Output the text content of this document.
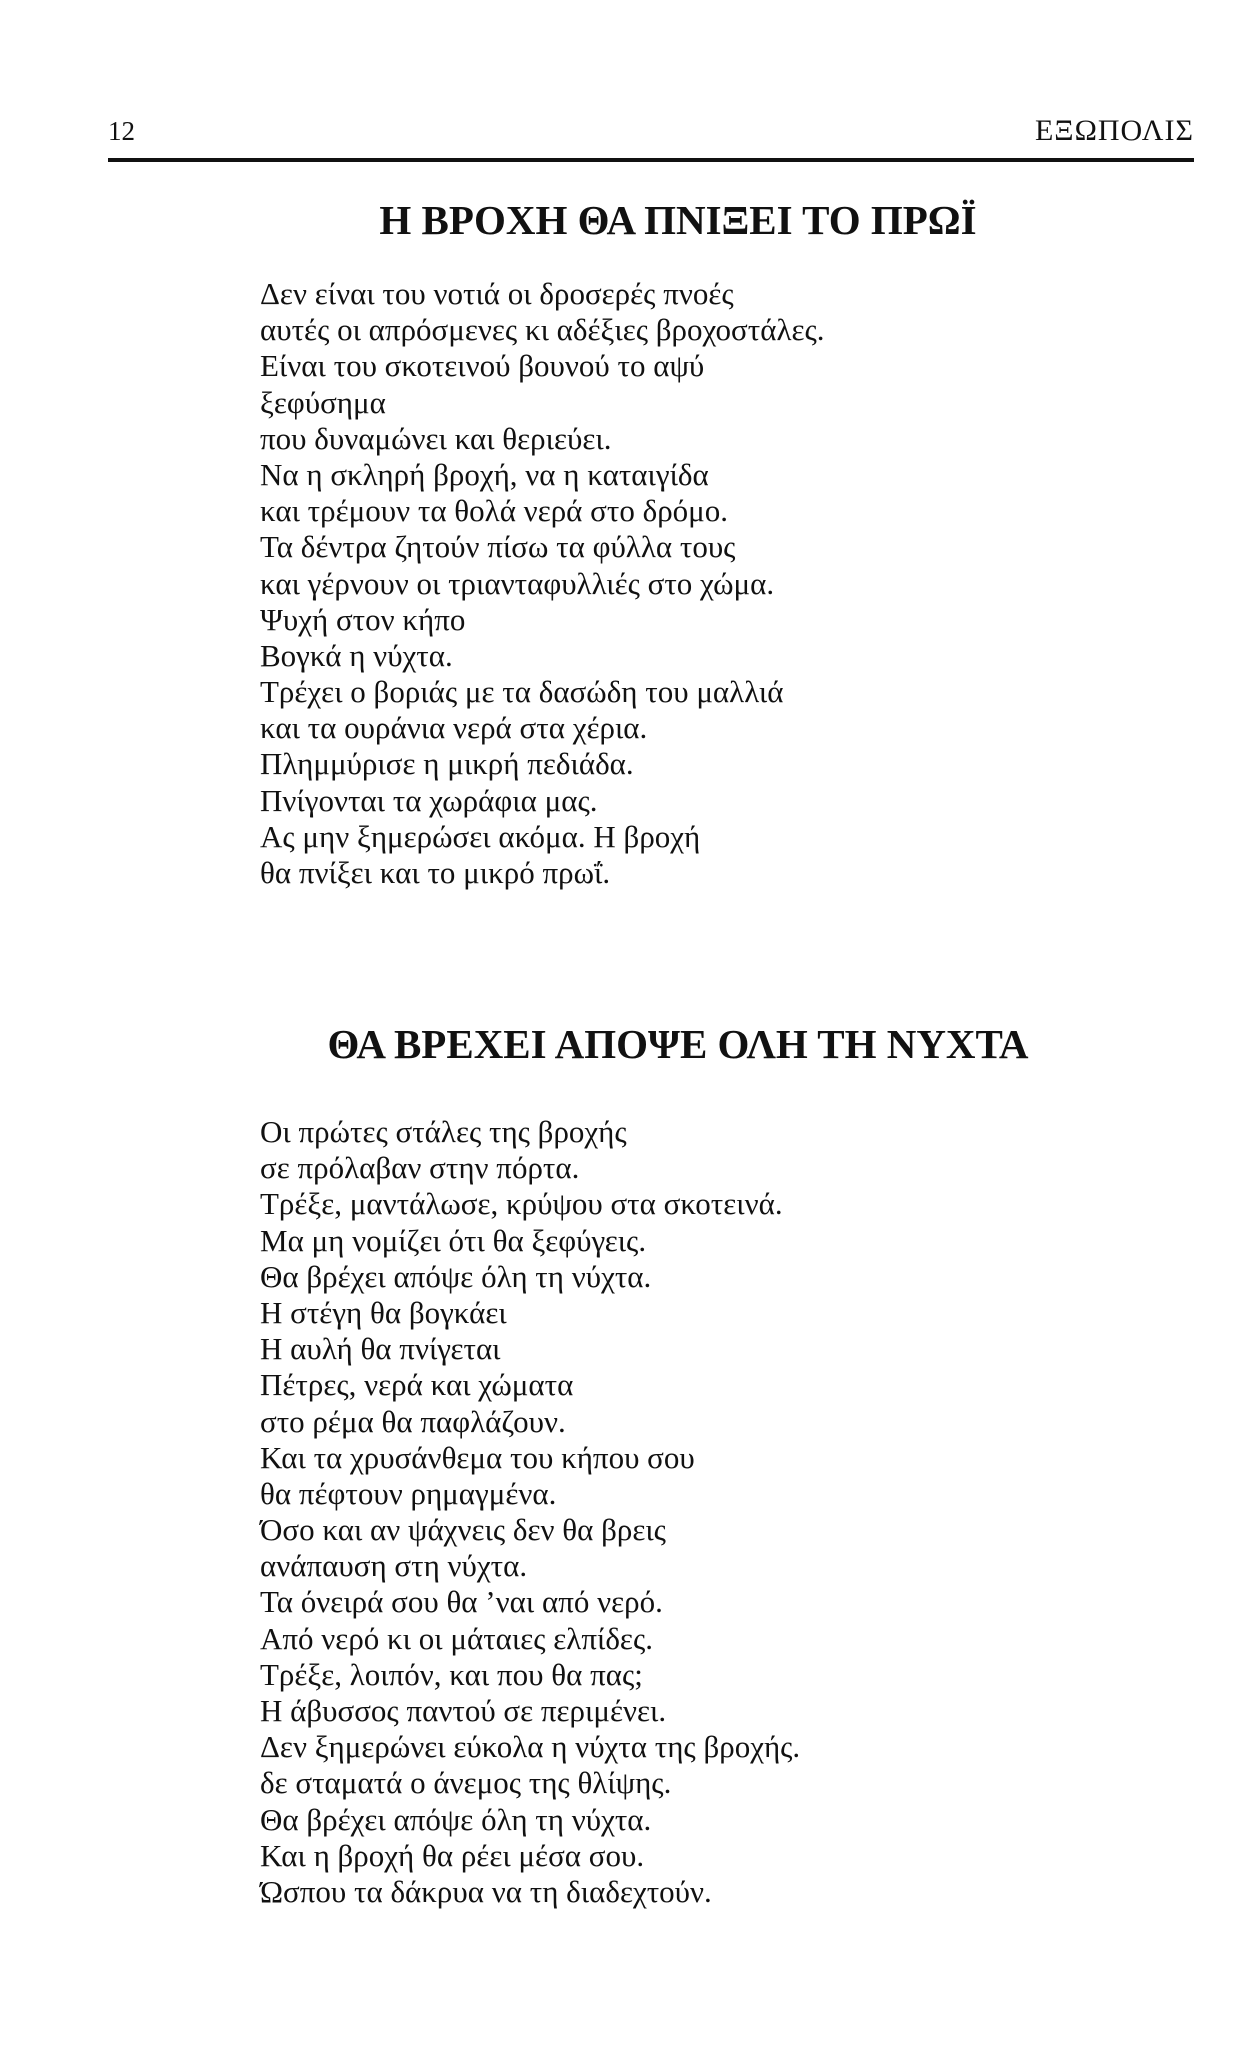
12	ΕΞΩΠΟΛΙΣ
Η ΒΡΟΧΗ ΘΑ ΠΝΙΞΕΙ ΤΟ ΠΡΩΪ
Δεν είναι του νοτιά οι δροσερές πνοές
αυτές οι απρόσμενες κι αδέξιες βροχοστάλες.
Είναι του σκοτεινού βουνού το αψύ
ξεφύσημα
που δυναμώνει και θεριεύει.
Να η σκληρή βροχή, να η καταιγίδα
και τρέμουν τα θολά νερά στο δρόμο.
Τα δέντρα ζητούν πίσω τα φύλλα τους
και γέρνουν οι τριανταφυλλιές στο χώμα.
Ψυχή στον κήπο
Βογκά η νύχτα.
Τρέχει ο βοριάς με τα δασώδη του μαλλιά
και τα ουράνια νερά στα χέρια.
Πλημμύρισε η μικρή πεδιάδα.
Πνίγονται τα χωράφια μας.
Ας μην ξημερώσει ακόμα. Η βροχή
θα πνίξει και το μικρό πρωΐ.
ΘΑ ΒΡΕΧΕΙ ΑΠΟΨΕ ΟΛΗ ΤΗ ΝΥΧΤΑ
Οι πρώτες στάλες της βροχής
σε πρόλαβαν στην πόρτα.
Τρέξε, μαντάλωσε, κρύψου στα σκοτεινά.
Μα μη νομίζει ότι θα ξεφύγεις.
Θα βρέχει απόψε όλη τη νύχτα.
Η στέγη θα βογκάει
Η αυλή θα πνίγεται
Πέτρες, νερά και χώματα
στο ρέμα θα παφλάζουν.
Και τα χρυσάνθεμα του κήπου σου
θα πέφτουν ρημαγμένα.
Όσο και αν ψάχνεις δεν θα βρεις
ανάπαυση στη νύχτα.
Τα όνειρά σου θα ’ναι από νερό.
Από νερό κι οι μάταιες ελπίδες.
Τρέξε, λοιπόν, και που θα πας;
Η άβυσσος παντού σε περιμένει.
Δεν ξημερώνει εύκολα η νύχτα της βροχής.
δε σταματά ο άνεμος της θλίψης.
Θα βρέχει απόψε όλη τη νύχτα.
Και η βροχή θα ρέει μέσα σου.
Ώσπου τα δάκρυα να τη διαδεχτούν.
